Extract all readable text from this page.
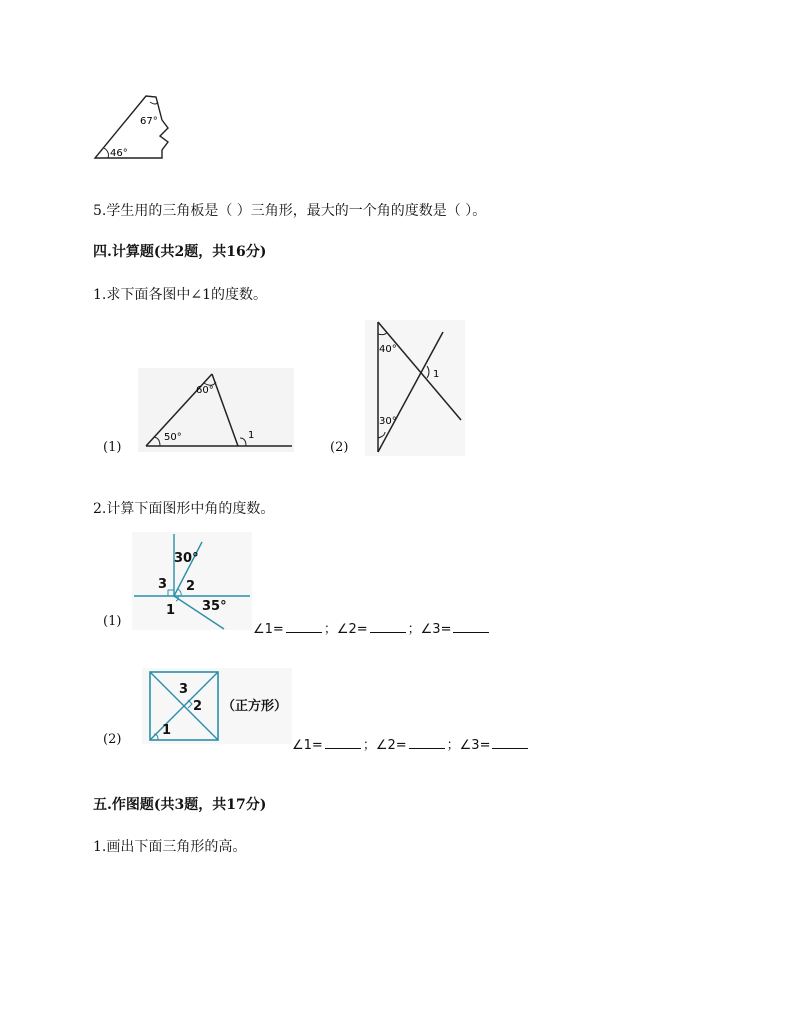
67°
46°
5.学生用的三角板是（ ）三角形，最大的一个角的度数是（ ）。
四.计算题(共2题，共16分)
1.求下面各图中∠1的度数。
(1)
60°
50°	1
(2)
40°
30°
1
2.计算下面图形中角的度数。
(1)
30°
35°
3 2
1
∠1=	；∠2=	；∠3=
(2)
3
2
1
（正方形）
∠1=	；∠2=	；∠3=
五.作图题(共3题，共17分)
1.画出下面三角形的高。
